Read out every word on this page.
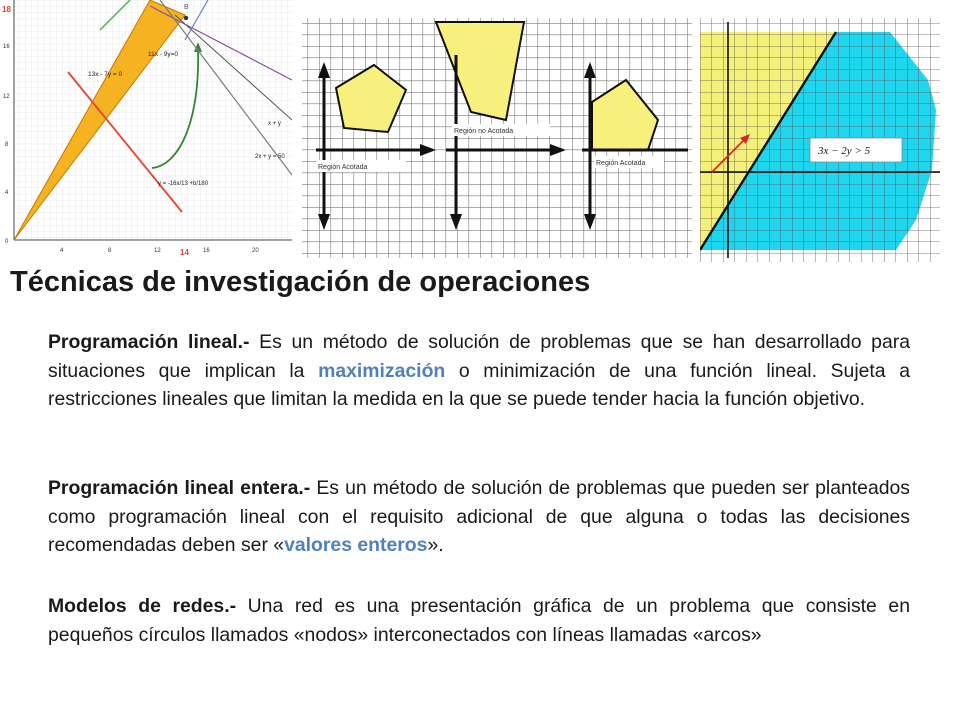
B
18
16
12
8
4
0
4	8	12 14 16	20
11x - 9y=0
13x - 7y = 0
y = -16x/13 +b/180
2x + y = 50
x + y
Región Acotada
Región no Acotada
Región Acotada
3x − 2y > 5
Técnicas de investigación de operaciones
Programación lineal.- Es un método de solución de problemas que se han desarrollado para situaciones que implican la maximización o minimización de una función lineal. Sujeta a restricciones lineales que limitan la medida en la que se puede tender hacia la función objetivo.
Programación lineal entera.- Es un método de solución de problemas que pueden ser planteados como programación lineal con el requisito adicional de que alguna o todas las decisiones recomendadas deben ser «valores enteros».
Modelos de redes.- Una red es una presentación gráfica de un problema que consiste en pequeños círculos llamados «nodos» interconectados con líneas llamadas «arcos»
